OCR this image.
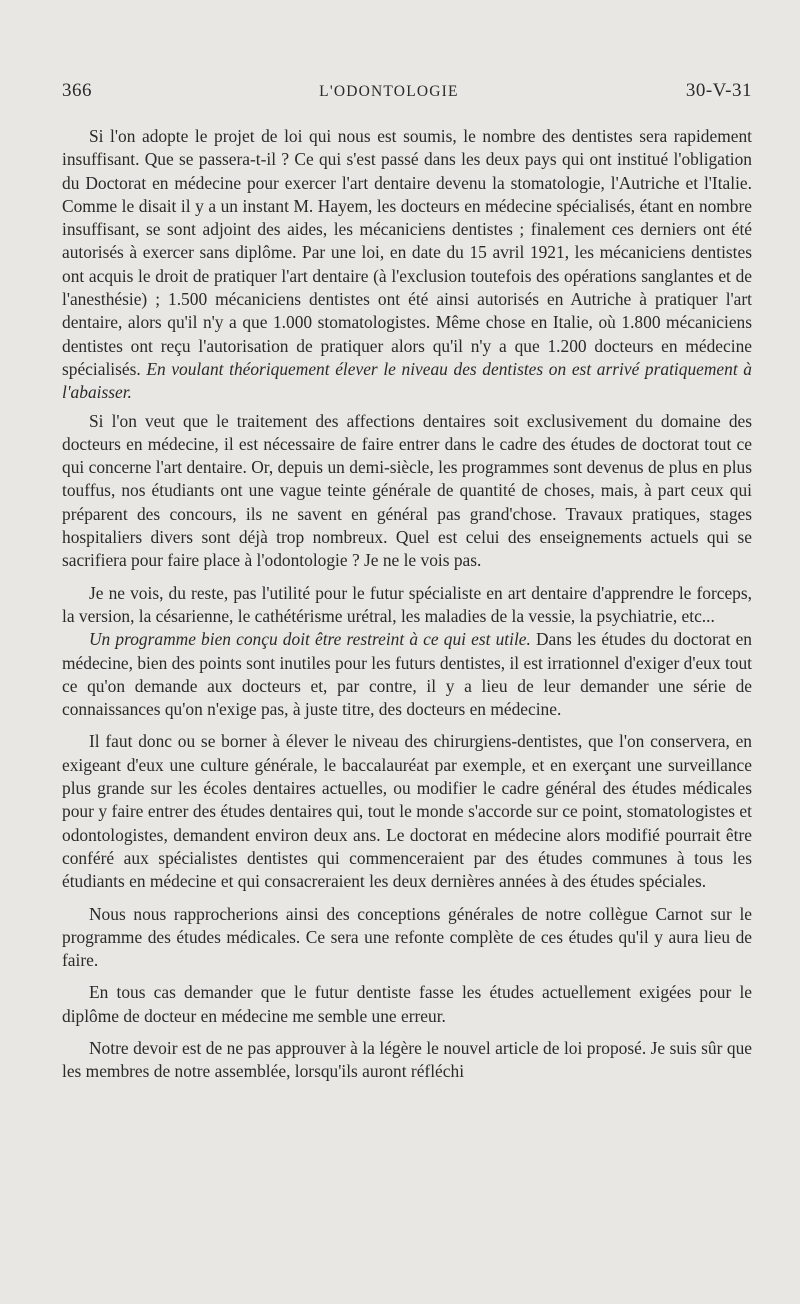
366	L'ODONTOLOGIE	30-V-31

Si l'on adopte le projet de loi qui nous est soumis, le nombre des dentistes sera rapidement insuffisant. Que se passera-t-il ? Ce qui s'est passé dans les deux pays qui ont institué l'obligation du Doctorat en médecine pour exercer l'art dentaire devenu la stomatologie, l'Autriche et l'Italie. Comme le disait il y a un instant M. Hayem, les docteurs en médecine spécialisés, étant en nombre insuffisant, se sont adjoint des aides, les mécaniciens dentistes ; finalement ces derniers ont été autorisés à exercer sans diplôme. Par une loi, en date du 15 avril 1921, les mécaniciens dentistes ont acquis le droit de pratiquer l'art dentaire (à l'exclusion toutefois des opérations sanglantes et de l'anesthésie) ; 1.500 mécaniciens dentistes ont été ainsi autorisés en Autriche à pratiquer l'art dentaire, alors qu'il n'y a que 1.000 stomatologistes. Même chose en Italie, où 1.800 mécaniciens dentistes ont reçu l'autorisation de pratiquer alors qu'il n'y a que 1.200 docteurs en médecine spécialisés. En voulant théoriquement élever le niveau des dentistes on est arrivé pratiquement à l'abaisser.

Si l'on veut que le traitement des affections dentaires soit exclusivement du domaine des docteurs en médecine, il est nécessaire de faire entrer dans le cadre des études de doctorat tout ce qui concerne l'art dentaire. Or, depuis un demi-siècle, les programmes sont devenus de plus en plus touffus, nos étudiants ont une vague teinte générale de quantité de choses, mais, à part ceux qui préparent des concours, ils ne savent en général pas grand'chose. Travaux pratiques, stages hospitaliers divers sont déjà trop nombreux. Quel est celui des enseignements actuels qui se sacrifiera pour faire place à l'odontologie ? Je ne le vois pas.

Je ne vois, du reste, pas l'utilité pour le futur spécialiste en art dentaire d'apprendre le forceps, la version, la césarienne, le cathétérisme urétral, les maladies de la vessie, la psychiatrie, etc...

Un programme bien conçu doit être restreint à ce qui est utile. Dans les études du doctorat en médecine, bien des points sont inutiles pour les futurs dentistes, il est irrationnel d'exiger d'eux tout ce qu'on demande aux docteurs et, par contre, il y a lieu de leur demander une série de connaissances qu'on n'exige pas, à juste titre, des docteurs en médecine.

Il faut donc ou se borner à élever le niveau des chirurgiens-dentistes, que l'on conservera, en exigeant d'eux une culture générale, le baccalauréat par exemple, et en exerçant une surveillance plus grande sur les écoles dentaires actuelles, ou modifier le cadre général des études médicales pour y faire entrer des études dentaires qui, tout le monde s'accorde sur ce point, stomatologistes et odontologistes, demandent environ deux ans. Le doctorat en médecine alors modifié pourrait être conféré aux spécialistes dentistes qui commenceraient par des études communes à tous les étudiants en médecine et qui consacreraient les deux dernières années à des études spéciales.

Nous nous rapprocherions ainsi des conceptions générales de notre collègue Carnot sur le programme des études médicales. Ce sera une refonte complète de ces études qu'il y aura lieu de faire.

En tous cas demander que le futur dentiste fasse les études actuellement exigées pour le diplôme de docteur en médecine me semble une erreur.

Notre devoir est de ne pas approuver à la légère le nouvel article de loi proposé. Je suis sûr que les membres de notre assemblée, lorsqu'ils auront réfléchi
